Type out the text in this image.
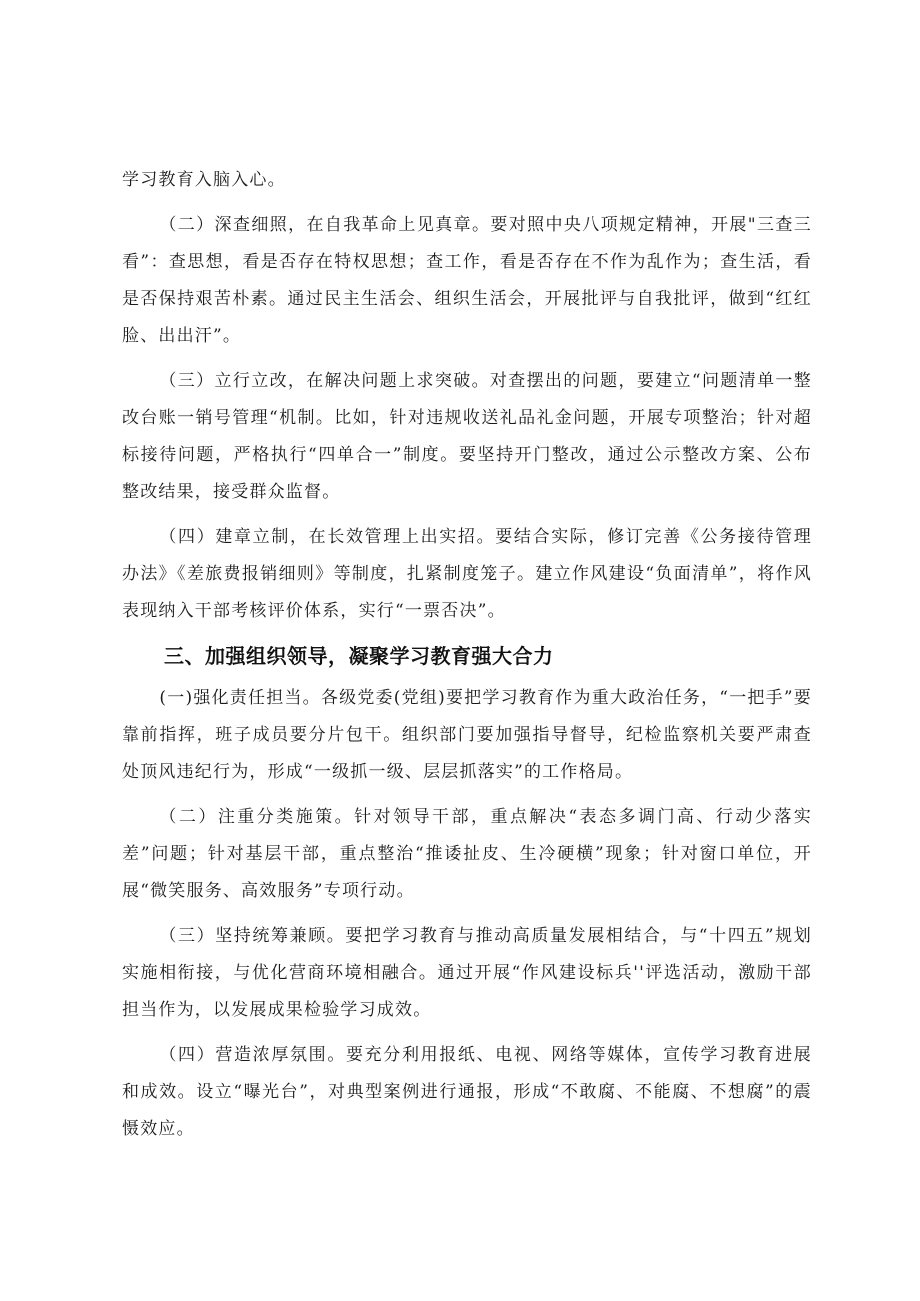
学习教育入脑入心。

（二）深查细照，在自我革命上见真章。要对照中央八项规定精神，开展"三查三看”：查思想，看是否存在特权思想；查工作，看是否存在不作为乱作为；查生活，看是否保持艰苦朴素。通过民主生活会、组织生活会，开展批评与自我批评，做到“红红脸、出出汗”。

（三）立行立改，在解决问题上求突破。对查摆出的问题，要建立“问题清单一整改台账一销号管理“机制。比如，针对违规收送礼品礼金问题，开展专项整治；针对超标接待问题，严格执行“四单合一”制度。要坚持开门整改，通过公示整改方案、公布整改结果，接受群众监督。

（四）建章立制，在长效管理上出实招。要结合实际，修订完善《公务接待管理办法》《差旅费报销细则》等制度，扎紧制度笼子。建立作风建设“负面清单”，将作风表现纳入干部考核评价体系，实行“一票否决”。

三、加强组织领导，凝聚学习教育强大合力

(一)强化责任担当。各级党委(党组)要把学习教育作为重大政治任务，“一把手”要靠前指挥，班子成员要分片包干。组织部门要加强指导督导，纪检监察机关要严肃查处顶风违纪行为，形成“一级抓一级、层层抓落实”的工作格局。

（二）注重分类施策。针对领导干部，重点解决“表态多调门高、行动少落实差”问题；针对基层干部，重点整治“推诿扯皮、生冷硬横”现象；针对窗口单位，开展“微笑服务、高效服务”专项行动。

（三）坚持统筹兼顾。要把学习教育与推动高质量发展相结合，与“十四五”规划实施相衔接，与优化营商环境相融合。通过开展“作风建设标兵''评选活动，激励干部担当作为，以发展成果检验学习成效。

（四）营造浓厚氛围。要充分利用报纸、电视、网络等媒体，宣传学习教育进展和成效。设立“曝光台”，对典型案例进行通报，形成“不敢腐、不能腐、不想腐”的震慑效应。
